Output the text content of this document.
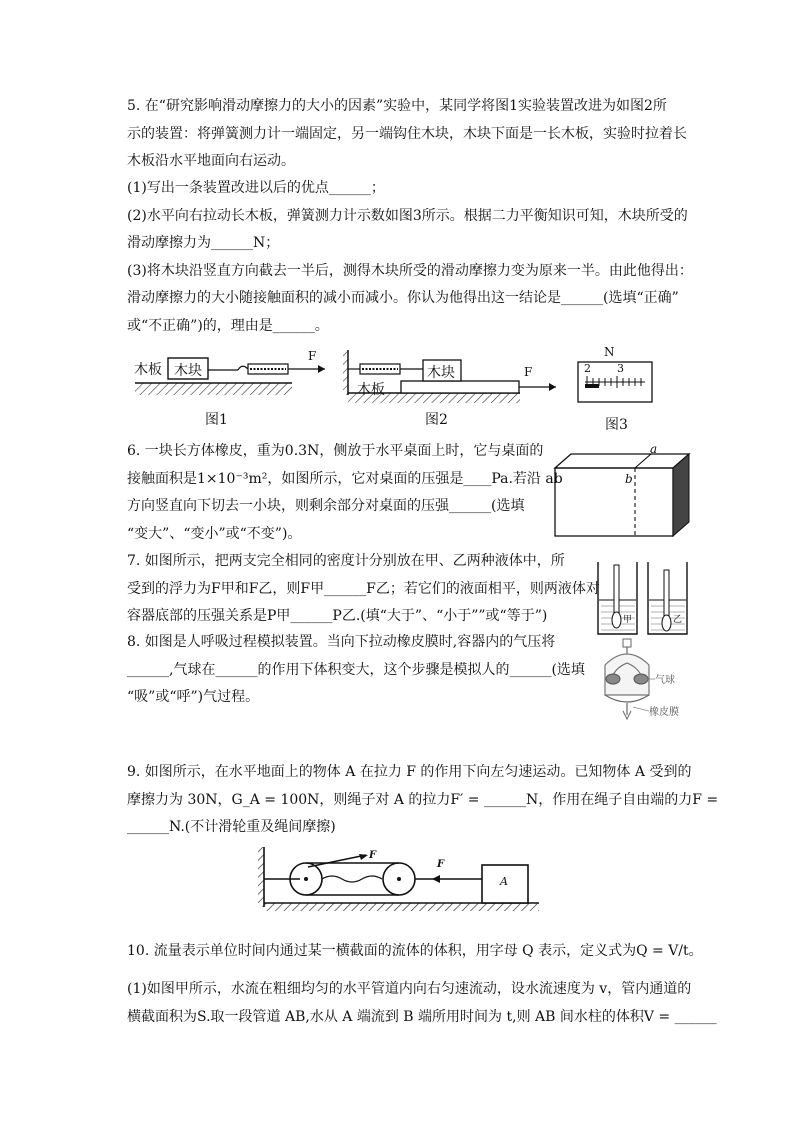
5. 在“研究影响滑动摩擦力的大小的因素”实验中，某同学将图1实验装置改进为如图2所
示的装置：将弹簧测力计一端固定，另一端钩住木块，木块下面是一长木板，实验时拉着长
木板沿水平地面向右运动。
(1)写出一条装置改进以后的优点______；
(2)水平向右拉动长木板，弹簧测力计示数如图3所示。根据二力平衡知识可知，木块所受的
滑动摩擦力为______N；
(3)将木块沿竖直方向截去一半后，测得木块所受的滑动摩擦力变为原来一半。由此他得出：
滑动摩擦力的大小随接触面积的减小而减小。你认为他得出这一结论是______(选填“正确”
或“不正确”)的，理由是______。
木板 木块
F
图1
木板
木块	F
图2
N
2 3
图3
6. 一块长方体橡皮，重为0.3N，侧放于水平桌面上时，它与桌面的
接触面积是1×10⁻³m²，如图所示，它对桌面的压强是____Pa.若沿 ab
方向竖直向下切去一小块，则剩余部分对桌面的压强______(选填
“变大”、“变小”或“不变”)。
a
b
7. 如图所示，把两支完全相同的密度计分别放在甲、乙两种液体中，所
受到的浮力为F甲和F乙，则F甲______F乙；若它们的液面相平，则两液体对
容器底部的压强关系是P甲______P乙.(填“大于”、“小于””或“等于”)	甲	乙
8. 如图是人呼吸过程模拟装置。当向下拉动橡皮膜时,容器内的气压将
______,气球在______的作用下体积变大，这个步骤是模拟人的______(选填
“吸”或“呼”)气过程。
气球
橡皮膜
9. 如图所示，在水平地面上的物体 A 在拉力 F 的作用下向左匀速运动。已知物体 A 受到的
摩擦力为 30N，G_A = 100N，则绳子对 A 的拉力F′ = ______N，作用在绳子自由端的力F =
______N.(不计滑轮重及绳间摩擦)
F
F
A
10. 流量表示单位时间内通过某一横截面的流体的体积，用字母 Q 表示，定义式为Q = V/t。
(1)如图甲所示，水流在粗细均匀的水平管道内向右匀速流动，设水流速度为 v，管内通道的
横截面积为S.取一段管道 AB,水从 A 端流到 B 端所用时间为 t,则 AB 间水柱的体积V = ______
